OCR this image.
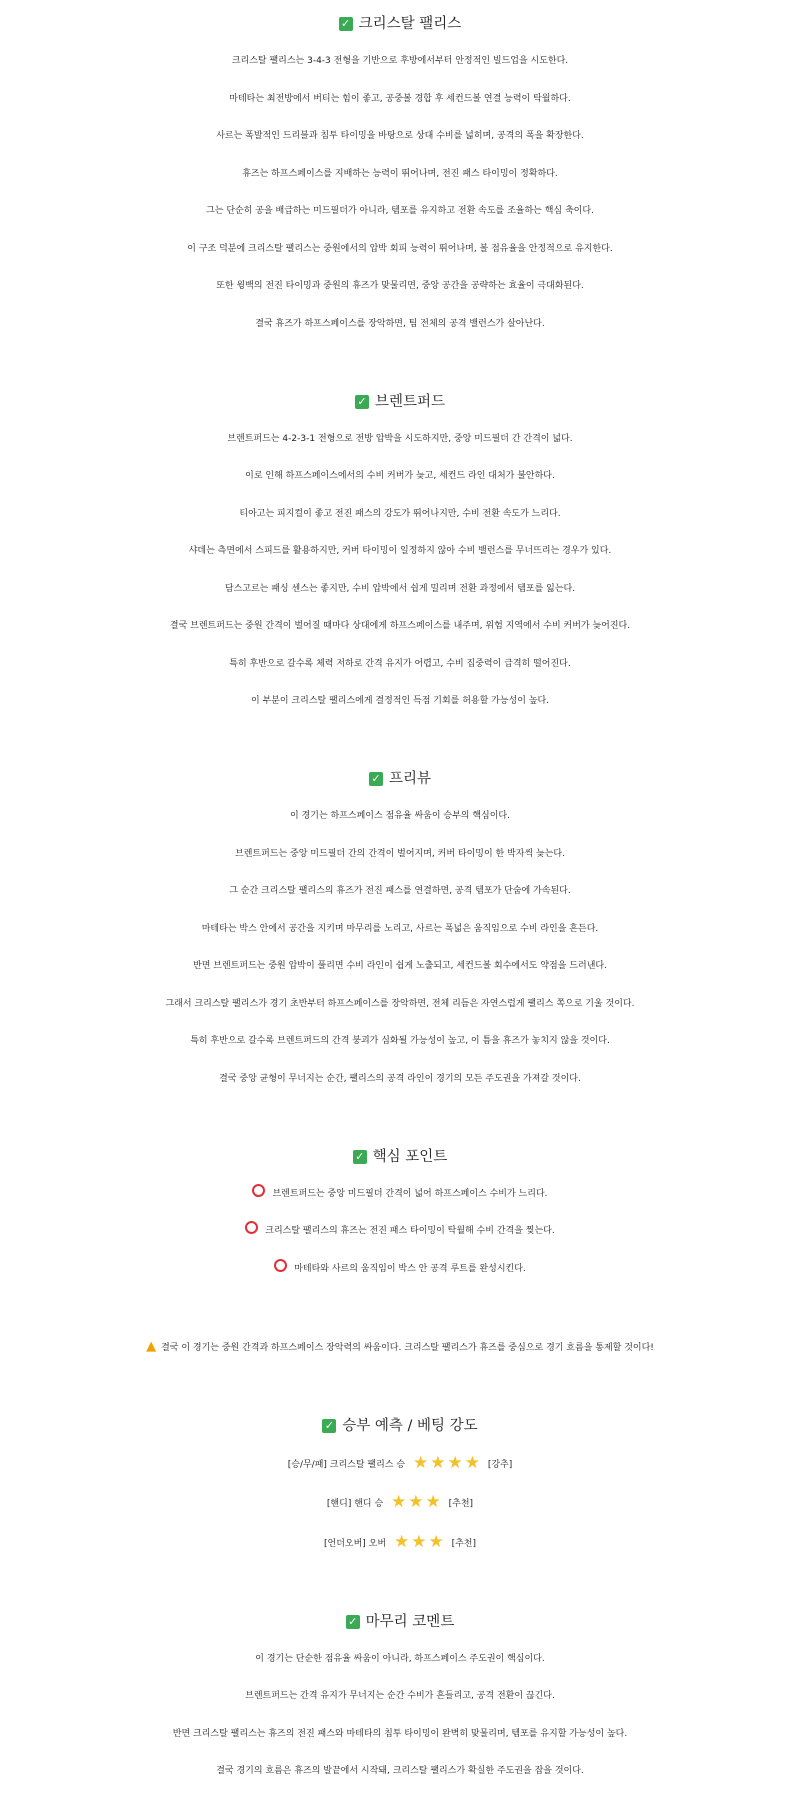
✓ 크리스탈 팰리스
크리스탈 팰리스는 3-4-3 전형을 기반으로 후방에서부터 안정적인 빌드업을 시도한다.
마테타는 최전방에서 버티는 힘이 좋고, 공중볼 경합 후 세컨드볼 연결 능력이 탁월하다.
사르는 폭발적인 드리블과 침투 타이밍을 바탕으로 상대 수비를 넓히며, 공격의 폭을 확장한다.
휴즈는 하프스페이스를 지배하는 능력이 뛰어나며, 전진 패스 타이밍이 정확하다.
그는 단순히 공을 배급하는 미드필더가 아니라, 템포를 유지하고 전환 속도를 조율하는 핵심 축이다.
이 구조 덕분에 크리스탈 팰리스는 중원에서의 압박 회피 능력이 뛰어나며, 볼 점유율을 안정적으로 유지한다.
또한 윙백의 전진 타이밍과 중원의 휴즈가 맞물리면, 중앙 공간을 공략하는 효율이 극대화된다.
결국 휴즈가 하프스페이스를 장악하면, 팀 전체의 공격 밸런스가 살아난다.
✓ 브렌트퍼드
브렌트퍼드는 4-2-3-1 전형으로 전방 압박을 시도하지만, 중앙 미드필더 간 간격이 넓다.
이로 인해 하프스페이스에서의 수비 커버가 늦고, 세컨드 라인 대처가 불안하다.
티아고는 피지컬이 좋고 전진 패스의 강도가 뛰어나지만, 수비 전환 속도가 느리다.
샤데는 측면에서 스피드를 활용하지만, 커버 타이밍이 일정하지 않아 수비 밸런스를 무너뜨리는 경우가 있다.
담스고르는 패싱 센스는 좋지만, 수비 압박에서 쉽게 밀리며 전환 과정에서 템포를 잃는다.
결국 브렌트퍼드는 중원 간격이 벌어질 때마다 상대에게 하프스페이스를 내주며, 위험 지역에서 수비 커버가 늦어진다.
특히 후반으로 갈수록 체력 저하로 간격 유지가 어렵고, 수비 집중력이 급격히 떨어진다.
이 부분이 크리스탈 팰리스에게 결정적인 득점 기회를 허용할 가능성이 높다.
✓ 프리뷰
이 경기는 하프스페이스 점유율 싸움이 승부의 핵심이다.
브렌트퍼드는 중앙 미드필더 간의 간격이 벌어지며, 커버 타이밍이 한 박자씩 늦는다.
그 순간 크리스탈 팰리스의 휴즈가 전진 패스를 연결하면, 공격 템포가 단숨에 가속된다.
마테타는 박스 안에서 공간을 지키며 마무리를 노리고, 사르는 폭넓은 움직임으로 수비 라인을 흔든다.
반면 브렌트퍼드는 중원 압박이 풀리면 수비 라인이 쉽게 노출되고, 세컨드볼 회수에서도 약점을 드러낸다.
그래서 크리스탈 팰리스가 경기 초반부터 하프스페이스를 장악하면, 전체 리듬은 자연스럽게 팰리스 쪽으로 기울 것이다.
특히 후반으로 갈수록 브렌트퍼드의 간격 붕괴가 심화될 가능성이 높고, 이 틈을 휴즈가 놓치지 않을 것이다.
결국 중앙 균형이 무너지는 순간, 팰리스의 공격 라인이 경기의 모든 주도권을 가져갈 것이다.
✓ 핵심 포인트
브렌트퍼드는 중앙 미드필더 간격이 넓어 하프스페이스 수비가 느리다.
크리스탈 팰리스의 휴즈는 전진 패스 타이밍이 탁월해 수비 간격을 찢는다.
마테타와 사르의 움직임이 박스 안 공격 루트를 완성시킨다.
▲ 결국 이 경기는 중원 간격과 하프스페이스 장악력의 싸움이다. 크리스탈 팰리스가 휴즈를 중심으로 경기 흐름을 통제할 것이다!
✓ 승부 예측 / 베팅 강도
[승/무/패] 크리스탈 팰리스 승 ★ ★ ★ ★ [강추]
[핸디] 핸디 승 ★ ★ ★ [추천]
[언더오버] 오버 ★ ★ ★ [추천]
✓ 마무리 코멘트
이 경기는 단순한 점유율 싸움이 아니라, 하프스페이스 주도권이 핵심이다.
브렌트퍼드는 간격 유지가 무너지는 순간 수비가 흔들리고, 공격 전환이 끊긴다.
반면 크리스탈 팰리스는 휴즈의 전진 패스와 마테타의 침투 타이밍이 완벽히 맞물리며, 템포를 유지할 가능성이 높다.
결국 경기의 흐름은 휴즈의 발끝에서 시작돼, 크리스탈 팰리스가 확실한 주도권을 잡을 것이다.
